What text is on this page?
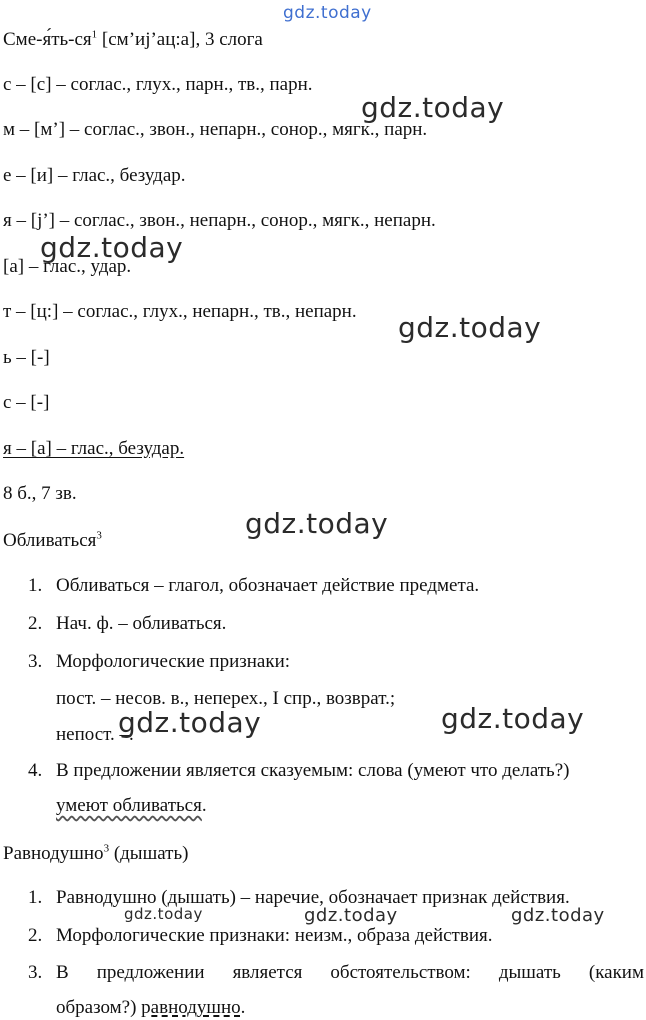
gdz.today
gdz.today
gdz.today
gdz.today
gdz.today
gdz.today	gdz.today
gdz.today	gdz.today	gdz.today
Сме-$я́ть-ся^1$ [см’иj’ац:а], 3 слога
с – [с] – соглас., глух., парн., тв., парн.
м – [м’] – соглас., звон., непарн., сонор., мягк., парн.
е – [и] – глас., безудар.
я – [j’] – соглас., звон., непарн., сонор., мягк., непарн.
[а] – глас., удар.
т – [ц:] – соглас., глух., непарн., тв., непарн.
ь – [-]
с – [-]
я – [а] – глас., безудар.
8 б., 7 зв.
Обливаться$^3$
1. Обливаться – глагол, обозначает действие предмета.
2. Нач. ф. – обливаться.
3. Морфологические признаки:
пост. – несов. в., неперех., I спр., возврат.;
непост. –.
4. В предложении является сказуемым: слова (умеют что делать?)
умеют обливаться.
Равнодушно$^3$ (дышать)
1. Равнодушно (дышать) – наречие, обозначает признак действия.
2. Морфологические признаки: неизм., образа действия.
3. В предложении является обстоятельством: дышать (каким
образом?) равнодушно.
